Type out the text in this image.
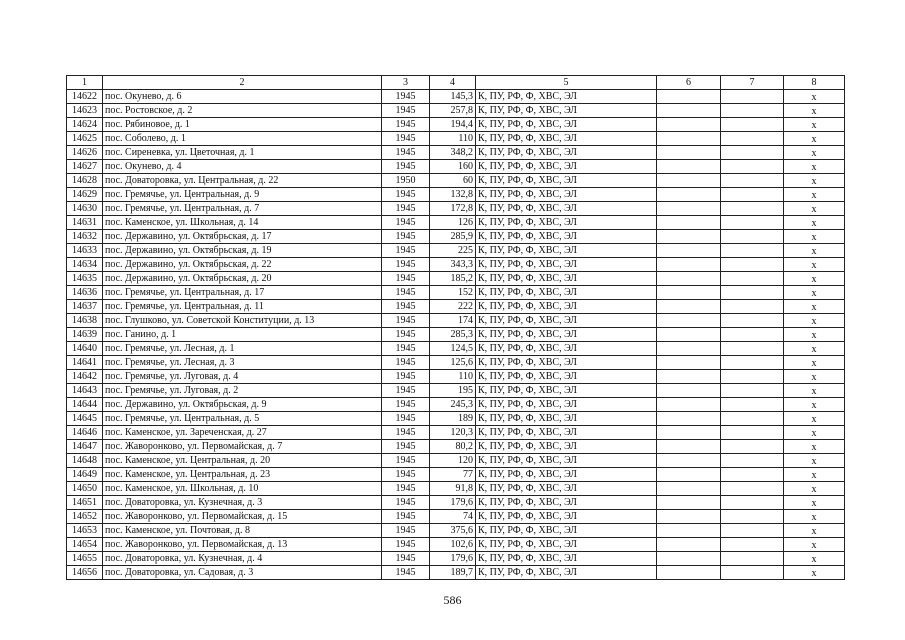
1	2	3	4	5	6	7	8
14622	пос. Окунево, д. 6	1945	145,3	К, ПУ, РФ, Ф, ХВС, ЭЛ			х
14623	пос. Ростовское, д. 2	1945	257,8	К, ПУ, РФ, Ф, ХВС, ЭЛ			х
14624	пос. Рябиновое, д. 1	1945	194,4	К, ПУ, РФ, Ф, ХВС, ЭЛ			х
14625	пос. Соболево, д. 1	1945	110	К, ПУ, РФ, Ф, ХВС, ЭЛ			х
14626	пос. Сиреневка, ул. Цветочная, д. 1	1945	348,2	К, ПУ, РФ, Ф, ХВС, ЭЛ			х
14627	пос. Окунево, д. 4	1945	160	К, ПУ, РФ, Ф, ХВС, ЭЛ			х
14628	пос. Доваторовка, ул. Центральная, д. 22	1950	60	К, ПУ, РФ, Ф, ХВС, ЭЛ			х
14629	пос. Гремячье, ул. Центральная, д. 9	1945	132,8	К, ПУ, РФ, Ф, ХВС, ЭЛ			х
14630	пос. Гремячье, ул. Центральная, д. 7	1945	172,8	К, ПУ, РФ, Ф, ХВС, ЭЛ			х
14631	пос. Каменское, ул. Школьная, д. 14	1945	126	К, ПУ, РФ, Ф, ХВС, ЭЛ			х
14632	пос. Державино, ул. Октябрьская, д. 17	1945	285,9	К, ПУ, РФ, Ф, ХВС, ЭЛ			х
14633	пос. Державино, ул. Октябрьская, д. 19	1945	225	К, ПУ, РФ, Ф, ХВС, ЭЛ			х
14634	пос. Державино, ул. Октябрьская, д. 22	1945	343,3	К, ПУ, РФ, Ф, ХВС, ЭЛ			х
14635	пос. Державино, ул. Октябрьская, д. 20	1945	185,2	К, ПУ, РФ, Ф, ХВС, ЭЛ			х
14636	пос. Гремячье, ул. Центральная, д. 17	1945	152	К, ПУ, РФ, Ф, ХВС, ЭЛ			х
14637	пос. Гремячье, ул. Центральная, д. 11	1945	222	К, ПУ, РФ, Ф, ХВС, ЭЛ			х
14638	пос. Глушково, ул. Советской Конституции, д. 13	1945	174	К, ПУ, РФ, Ф, ХВС, ЭЛ			х
14639	пос. Ганино, д. 1	1945	285,3	К, ПУ, РФ, Ф, ХВС, ЭЛ			х
14640	пос. Гремячье, ул. Лесная, д. 1	1945	124,5	К, ПУ, РФ, Ф, ХВС, ЭЛ			х
14641	пос. Гремячье, ул. Лесная, д. 3	1945	125,6	К, ПУ, РФ, Ф, ХВС, ЭЛ			х
14642	пос. Гремячье, ул. Луговая, д. 4	1945	110	К, ПУ, РФ, Ф, ХВС, ЭЛ			х
14643	пос. Гремячье, ул. Луговая, д. 2	1945	195	К, ПУ, РФ, Ф, ХВС, ЭЛ			х
14644	пос. Державино, ул. Октябрьская, д. 9	1945	245,3	К, ПУ, РФ, Ф, ХВС, ЭЛ			х
14645	пос. Гремячье, ул. Центральная, д. 5	1945	189	К, ПУ, РФ, Ф, ХВС, ЭЛ			х
14646	пос. Каменское, ул. Зареченская, д. 27	1945	120,3	К, ПУ, РФ, Ф, ХВС, ЭЛ			х
14647	пос. Жаворонково, ул. Первомайская, д. 7	1945	80,2	К, ПУ, РФ, Ф, ХВС, ЭЛ			х
14648	пос. Каменское, ул. Центральная, д. 20	1945	120	К, ПУ, РФ, Ф, ХВС, ЭЛ			х
14649	пос. Каменское, ул. Центральная, д. 23	1945	77	К, ПУ, РФ, Ф, ХВС, ЭЛ			х
14650	пос. Каменское, ул. Школьная, д. 10	1945	91,8	К, ПУ, РФ, Ф, ХВС, ЭЛ			х
14651	пос. Доваторовка, ул. Кузнечная, д. 3	1945	179,6	К, ПУ, РФ, Ф, ХВС, ЭЛ			х
14652	пос. Жаворонково, ул. Первомайская, д. 15	1945	74	К, ПУ, РФ, Ф, ХВС, ЭЛ			х
14653	пос. Каменское, ул. Почтовая, д. 8	1945	375,6	К, ПУ, РФ, Ф, ХВС, ЭЛ			х
14654	пос. Жаворонково, ул. Первомайская, д. 13	1945	102,6	К, ПУ, РФ, Ф, ХВС, ЭЛ			х
14655	пос. Доваторовка, ул. Кузнечная, д. 4	1945	179,6	К, ПУ, РФ, Ф, ХВС, ЭЛ			х
14656	пос. Доваторовка, ул. Садовая, д. 3	1945	189,7	К, ПУ, РФ, Ф, ХВС, ЭЛ			х
586
